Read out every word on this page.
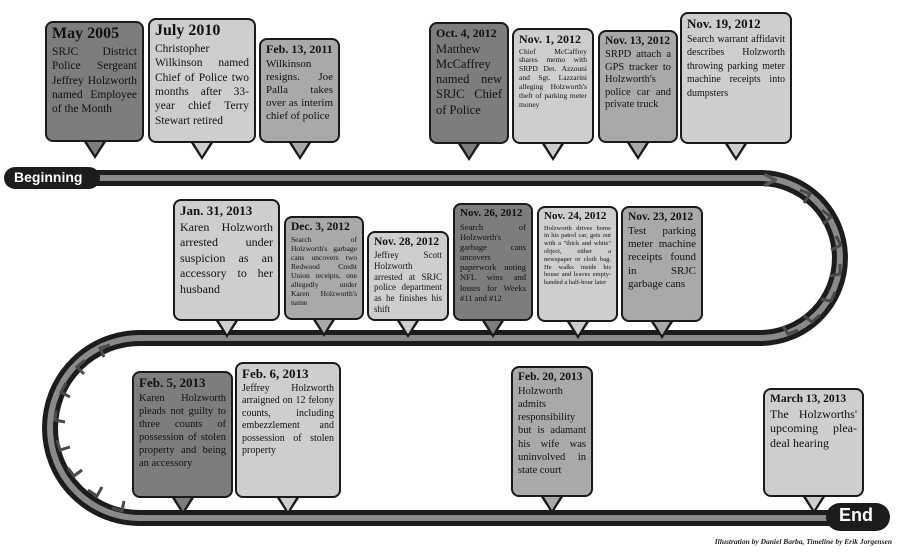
Beginning
End
May 2005
SRJC District Police Sergeant Jeffrey Holzworth named Employee of the Month
July 2010
Christopher Wilkinson named Chief of Police two months after 33-year chief Terry Stewart retired
Feb. 13, 2011
Wilkinson resigns. Joe Palla takes over as interim chief of police
Oct. 4, 2012
Matthew McCaffrey named new SRJC Chief of Police
Nov. 1, 2012
Chief McCaffrey shares memo with SRPD Det. Azzouni and Sgt. Lazzarini alleging Holzworth's theft of parking meter money
Nov. 13, 2012
SRPD attach a GPS tracker to Holzworth's police car and private truck
Nov. 19, 2012
Search warrant affidavit describes Holzworth throwing parking meter machine receipts into dumpsters
Jan. 31, 2013
Karen Holzworth arrested under suspicion as an accessory to her husband
Dec. 3, 2012
Search of Holzworth's garbage cans uncovers two Redwood Credit Union receipts, one allegedly under Karen Holzworth's name
Nov. 28, 2012
Jeffrey Scott Holzworth arrested at SRJC police department as he finishes his shift
Nov. 26, 2012
Search of Holzworth's garbage cans uncovers paperwork noting NFL wins and losses for Weeks #11 and #12
Nov. 24, 2012
Holzworth drives home in his patrol car, gets out with a "thick and white" object, either a newspaper or cloth bag. He walks inside his house and leaves empty-handed a half-hour later
Nov. 23, 2012
Test parking meter machine receipts found in SRJC garbage cans
Feb. 5, 2013
Karen Holzworth pleads not guilty to three counts of possession of stolen property and being an accessory
Feb. 6, 2013
Jeffrey Holzworth arraigned on 12 felony counts, including embezzlement and possession of stolen property
Feb. 20, 2013
Holzworth admits responsibility but is adamant his wife was uninvolved in state court
March 13, 2013
The Holzworths' upcoming plea-deal hearing
Illustration by Daniel Barba, Timeline by Erik Jorgensen
